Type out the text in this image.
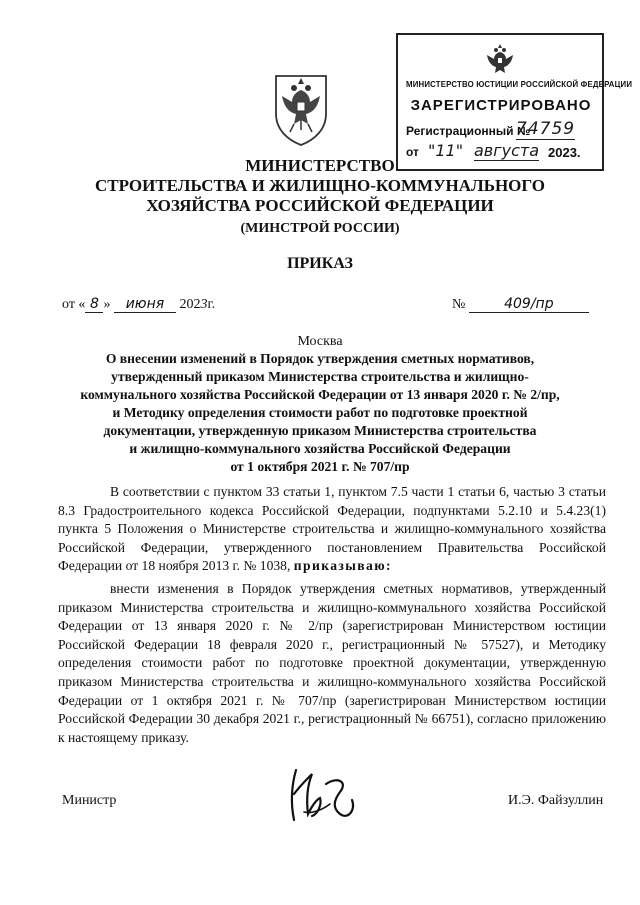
МИНИСТЕРСТВО ЮСТИЦИИ РОССИЙСКОЙ ФЕДЕРАЦИИ
ЗАРЕГИСТРИРОВАНО
Регистрационный №
74759
от "11" августа 2023.
МИНИСТЕРСТВО
СТРОИТЕЛЬСТВА И ЖИЛИЩНО-КОММУНАЛЬНОГО
ХОЗЯЙСТВА РОССИЙСКОЙ ФЕДЕРАЦИИ
(МИНСТРОЙ РОССИИ)
ПРИКАЗ
от « 8 » июня 2023г.	№	409/пр
Москва
О внесении изменений в Порядок утверждения сметных нормативов,
утвержденный приказом Министерства строительства и жилищно-
коммунального хозяйства Российской Федерации от 13 января 2020 г. № 2/пр,
и Методику определения стоимости работ по подготовке проектной
документации, утвержденную приказом Министерства строительства
и жилищно-коммунального хозяйства Российской Федерации
от 1 октября 2021 г. № 707/пр
В соответствии с пунктом 33 статьи 1, пунктом 7.5 части 1 статьи 6, частью 3 статьи 8.3 Градостроительного кодекса Российской Федерации, подпунктами 5.2.10 и 5.4.23(1) пункта 5 Положения о Министерстве строительства и жилищно-коммунального хозяйства Российской Федерации, утвержденного постановлением Правительства Российской Федерации от 18 ноября 2013 г. № 1038, приказываю:
внести изменения в Порядок утверждения сметных нормативов, утвержденный приказом Министерства строительства и жилищно-коммунального хозяйства Российской Федерации от 13 января 2020 г. № 2/пр (зарегистрирован Министерством юстиции Российской Федерации 18 февраля 2020 г., регистрационный № 57527), и Методику определения стоимости работ по подготовке проектной документации, утвержденную приказом Министерства строительства и жилищно-коммунального хозяйства Российской Федерации от 1 октября 2021 г. № 707/пр (зарегистрирован Министерством юстиции Российской Федерации 30 декабря 2021 г., регистрационный № 66751), согласно приложению к настоящему приказу.
Министр	И.Э. Файзуллин
